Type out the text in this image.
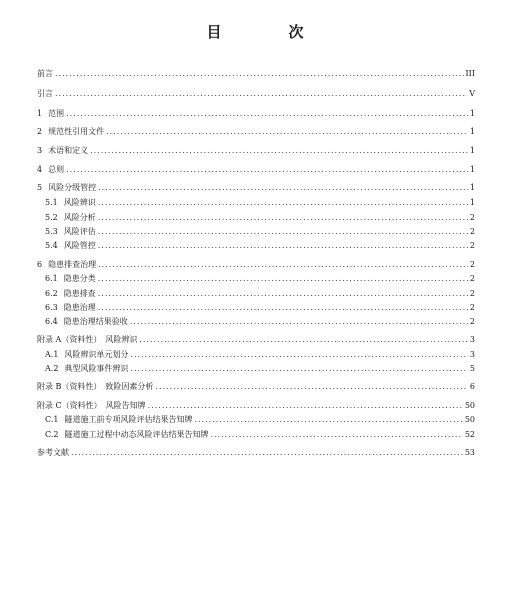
目　次
前言 .....	III
引言 .....	V
1 范围 .....	1
2 规范性引用文件 .....	1
3 术语和定义 .....	1
4 总则 .....	1
5 风险分级管控 .....	1
5.1 风险辨识 .....	1
5.2 风险分析 .....	2
5.3 风险评估 .....	2
5.4 风险管控 .....	2
6 隐患排查治理 .....	2
6.1 隐患分类 .....	2
6.2 隐患排查 .....	2
6.3 隐患治理 .....	2
6.4 隐患治理结果验收 .....	2
附录 A（资料性）　风险辨识 .....	3
A.1 风险辨识单元划分 .....	3
A.2 典型风险事件辨识 .....	5
附录 B（资料性）　致险因素分析 .....	6
附录 C（资料性）　风险告知牌 .....	50
C.1 隧道施工前专项风险评估结果告知牌 .....	50
C.2 隧道施工过程中动态风险评估结果告知牌 .....	52
参考文献 .....	53
